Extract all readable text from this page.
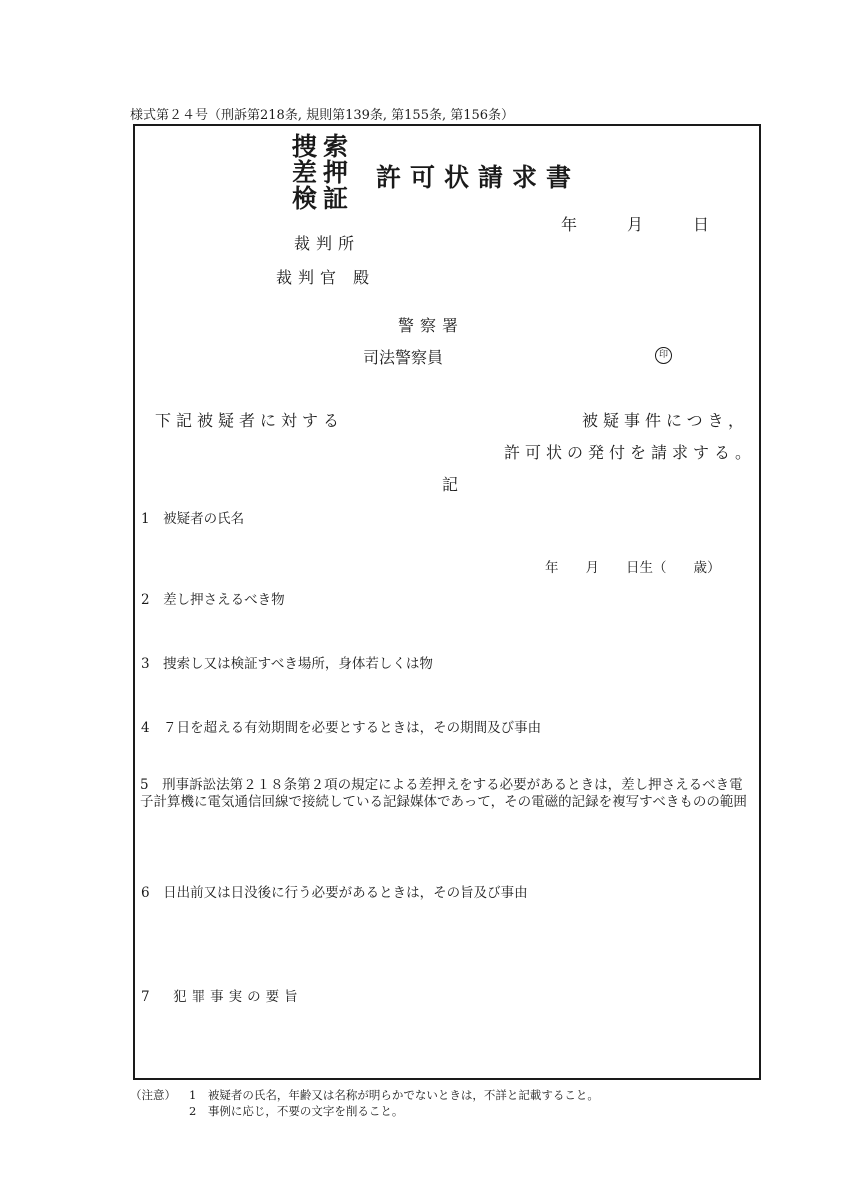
様式第２４号（刑訴第218条, 規則第139条, 第155条, 第156条）
捜索
差押
検証
許可状請求書
年　　月　　日
裁判所
裁判官 殿
警察署
司法警察員	印
下記被疑者に対する	被疑事件につき，
許可状の発付を請求する。
記
1　被疑者の氏名
年　　月　　日生（　　歳）
2　差し押さえるべき物
3　捜索し又は検証すべき場所，身体若しくは物
4　７日を超える有効期間を必要とするときは，その期間及び事由
5　刑事訴訟法第２１８条第２項の規定による差押えをする必要があるときは，差し押さえるべき電子計算機に電気通信回線で接続している記録媒体であって，その電磁的記録を複写すべきものの範囲
6　日出前又は日没後に行う必要があるときは，その旨及び事由
7　犯罪事実の要旨
（注意） 1　被疑者の氏名，年齢又は名称が明らかでないときは，不詳と記載すること。
2　事例に応じ，不要の文字を削ること。
